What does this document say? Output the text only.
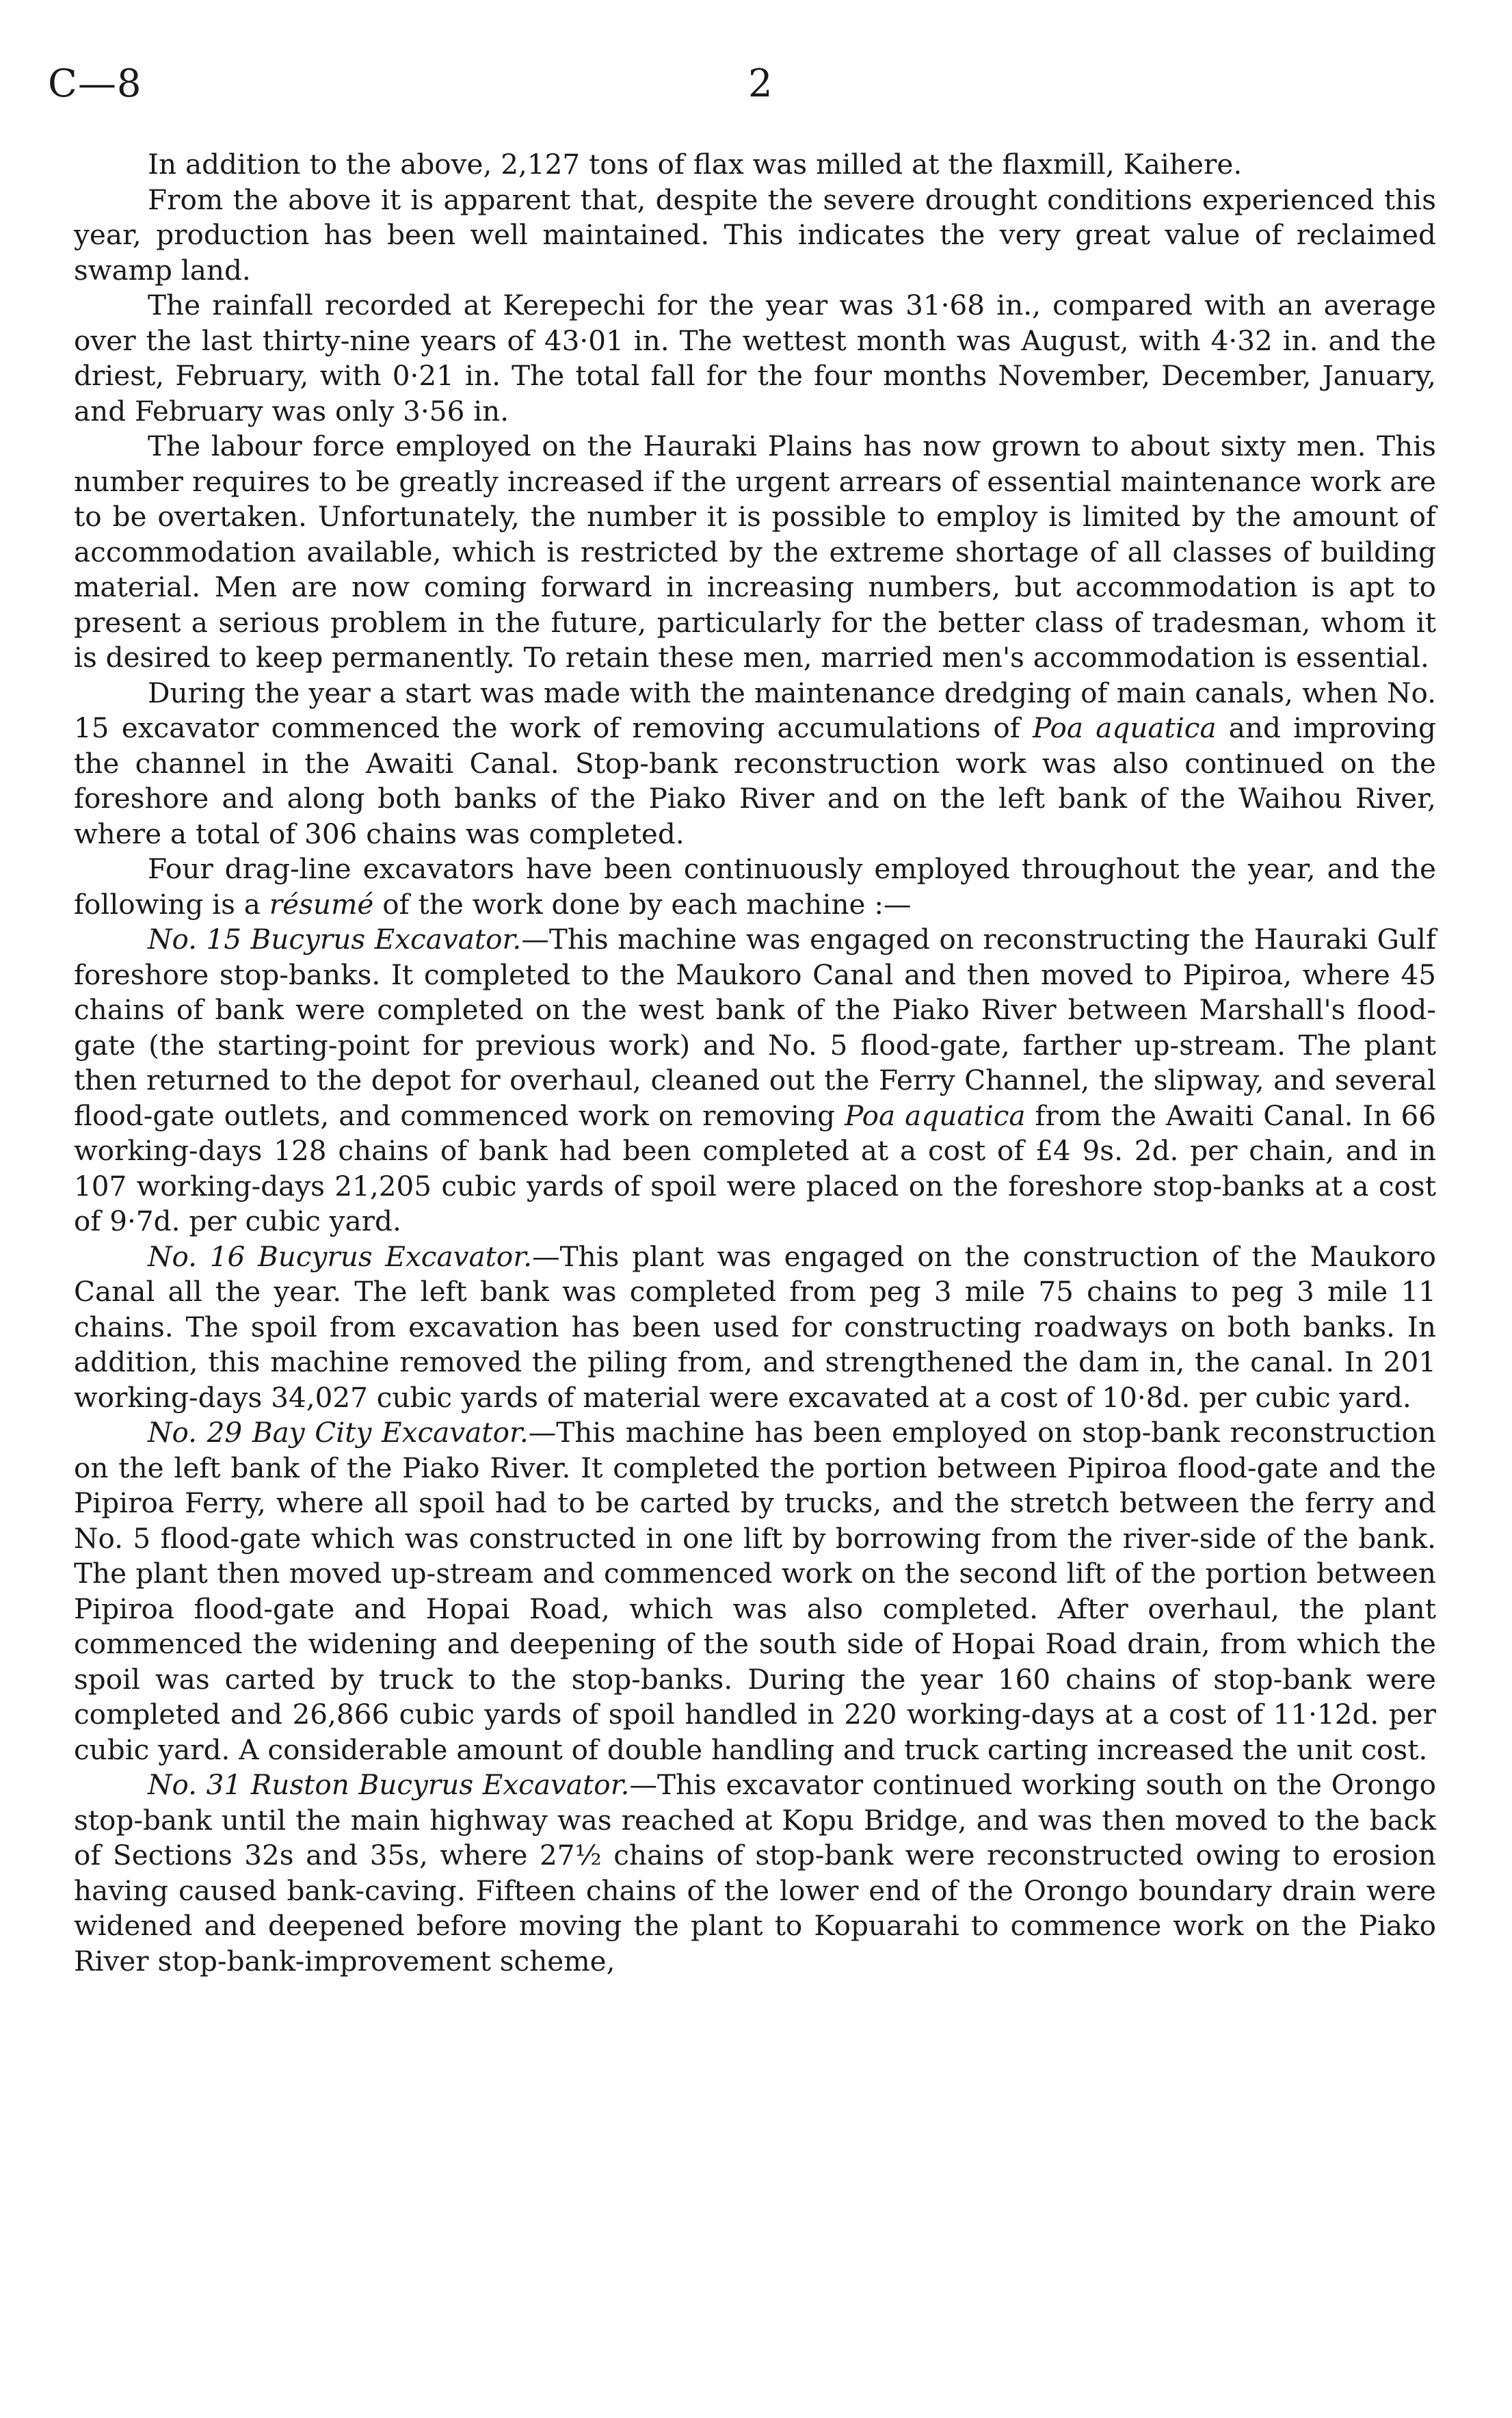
C—8	2

In addition to the above, 2,127 tons of flax was milled at the flaxmill, Kaihere.

From the above it is apparent that, despite the severe drought conditions experienced this year, production has been well maintained. This indicates the very great value of reclaimed swamp land.

The rainfall recorded at Kerepechi for the year was 31·68 in., compared with an average over the last thirty-nine years of 43·01 in. The wettest month was August, with 4·32 in. and the driest, February, with 0·21 in. The total fall for the four months November, December, January, and February was only 3·56 in.

The labour force employed on the Hauraki Plains has now grown to about sixty men. This number requires to be greatly increased if the urgent arrears of essential maintenance work are to be overtaken. Unfortunately, the number it is possible to employ is limited by the amount of accommodation available, which is restricted by the extreme shortage of all classes of building material. Men are now coming forward in increasing numbers, but accommodation is apt to present a serious problem in the future, particularly for the better class of tradesman, whom it is desired to keep permanently. To retain these men, married men's accommodation is essential.

During the year a start was made with the maintenance dredging of main canals, when No. 15 excavator commenced the work of removing accumulations of Poa aquatica and improving the channel in the Awaiti Canal. Stop-bank reconstruction work was also continued on the foreshore and along both banks of the Piako River and on the left bank of the Waihou River, where a total of 306 chains was completed.

Four drag-line excavators have been continuously employed throughout the year, and the following is a résumé of the work done by each machine :—

No. 15 Bucyrus Excavator.—This machine was engaged on reconstructing the Hauraki Gulf foreshore stop-banks. It completed to the Maukoro Canal and then moved to Pipiroa, where 45 chains of bank were completed on the west bank of the Piako River between Marshall's flood-gate (the starting-point for previous work) and No. 5 flood-gate, farther up-stream. The plant then returned to the depot for overhaul, cleaned out the Ferry Channel, the slipway, and several flood-gate outlets, and commenced work on removing Poa aquatica from the Awaiti Canal. In 66 working-days 128 chains of bank had been completed at a cost of £4 9s. 2d. per chain, and in 107 working-days 21,205 cubic yards of spoil were placed on the foreshore stop-banks at a cost of 9·7d. per cubic yard.

No. 16 Bucyrus Excavator.—This plant was engaged on the construction of the Maukoro Canal all the year. The left bank was completed from peg 3 mile 75 chains to peg 3 mile 11 chains. The spoil from excavation has been used for constructing roadways on both banks. In addition, this machine removed the piling from, and strengthened the dam in, the canal. In 201 working-days 34,027 cubic yards of material were excavated at a cost of 10·8d. per cubic yard.

No. 29 Bay City Excavator.—This machine has been employed on stop-bank reconstruction on the left bank of the Piako River. It completed the portion between Pipiroa flood-gate and the Pipiroa Ferry, where all spoil had to be carted by trucks, and the stretch between the ferry and No. 5 flood-gate which was constructed in one lift by borrowing from the river-side of the bank. The plant then moved up-stream and commenced work on the second lift of the portion between Pipiroa flood-gate and Hopai Road, which was also completed. After overhaul, the plant commenced the widening and deepening of the south side of Hopai Road drain, from which the spoil was carted by truck to the stop-banks. During the year 160 chains of stop-bank were completed and 26,866 cubic yards of spoil handled in 220 working-days at a cost of 11·12d. per cubic yard. A considerable amount of double handling and truck carting increased the unit cost.

No. 31 Ruston Bucyrus Excavator.—This excavator continued working south on the Orongo stop-bank until the main highway was reached at Kopu Bridge, and was then moved to the back of Sections 32s and 35s, where 27½ chains of stop-bank were reconstructed owing to erosion having caused bank-caving. Fifteen chains of the lower end of the Orongo boundary drain were widened and deepened before moving the plant to Kopuarahi to commence work on the Piako River stop-bank-improvement scheme,
